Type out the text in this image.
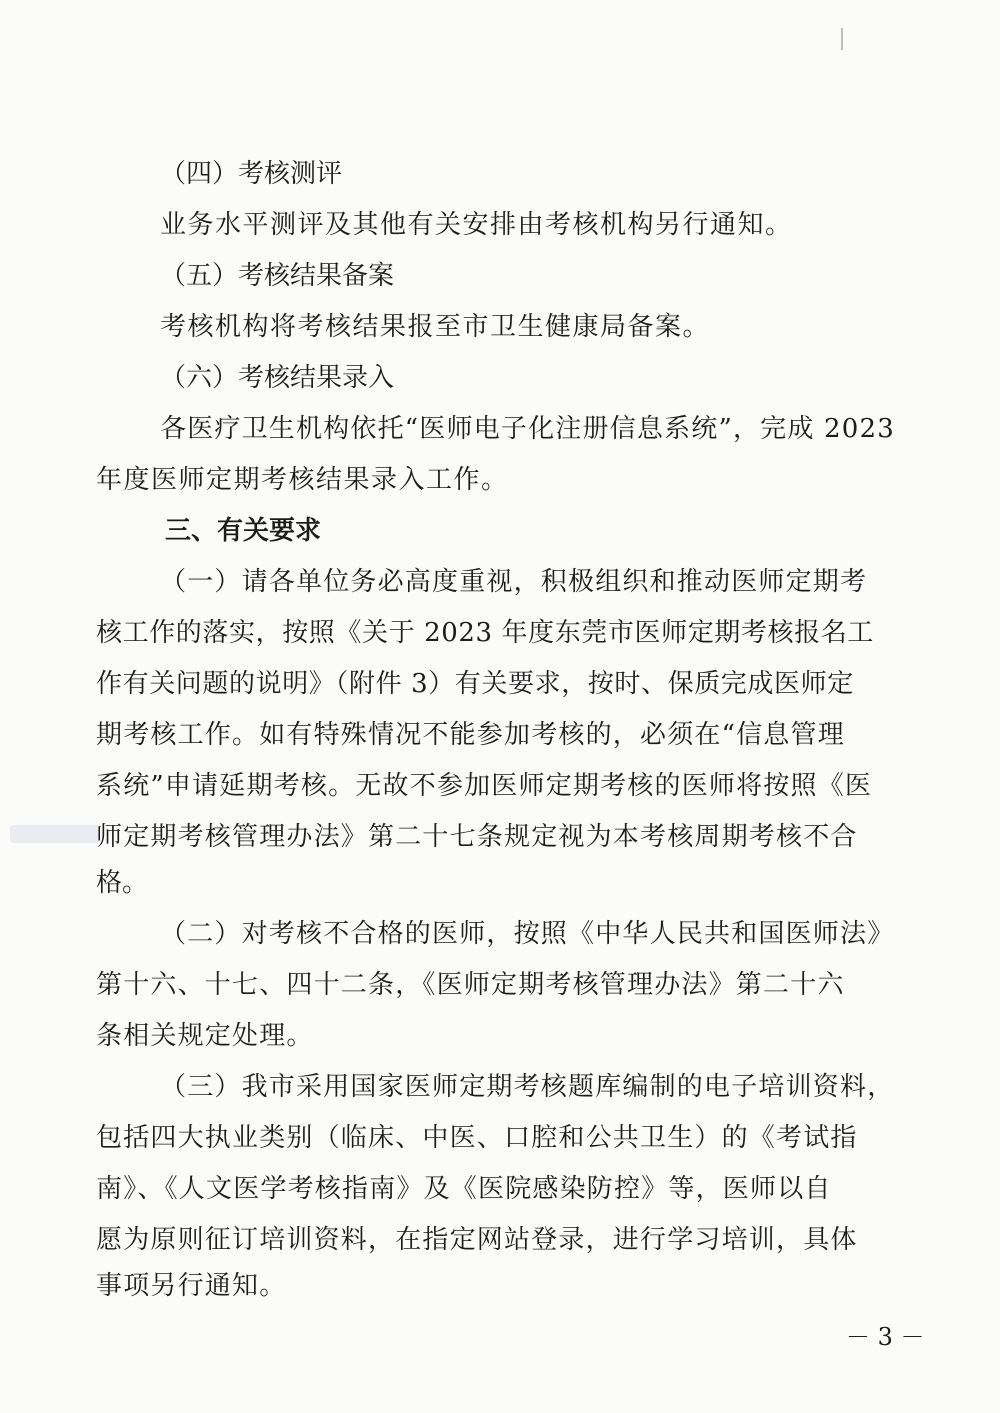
（四）考核测评
业务水平测评及其他有关安排由考核机构另行通知。
（五）考核结果备案
考核机构将考核结果报至市卫生健康局备案。
（六）考核结果录入
各医疗卫生机构依托“医师电子化注册信息系统”，完成 2023
年度医师定期考核结果录入工作。
三、有关要求
（一）请各单位务必高度重视，积极组织和推动医师定期考
核工作的落实，按照《关于 2023 年度东莞市医师定期考核报名工
作有关问题的说明》（附件 3）有关要求，按时、保质完成医师定
期考核工作。如有特殊情况不能参加考核的，必须在“信息管理
系统”申请延期考核。无故不参加医师定期考核的医师将按照《医
师定期考核管理办法》第二十七条规定视为本考核周期考核不合
格。
（二）对考核不合格的医师，按照《中华人民共和国医师法》
第十六、十七、四十二条，《医师定期考核管理办法》第二十六
条相关规定处理。
（三）我市采用国家医师定期考核题库编制的电子培训资料，
包括四大执业类别（临床、中医、口腔和公共卫生）的《考试指
南》、《人文医学考核指南》及《医院感染防控》等，医师以自
愿为原则征订培训资料，在指定网站登录，进行学习培训，具体
事项另行通知。
－ 3 －
